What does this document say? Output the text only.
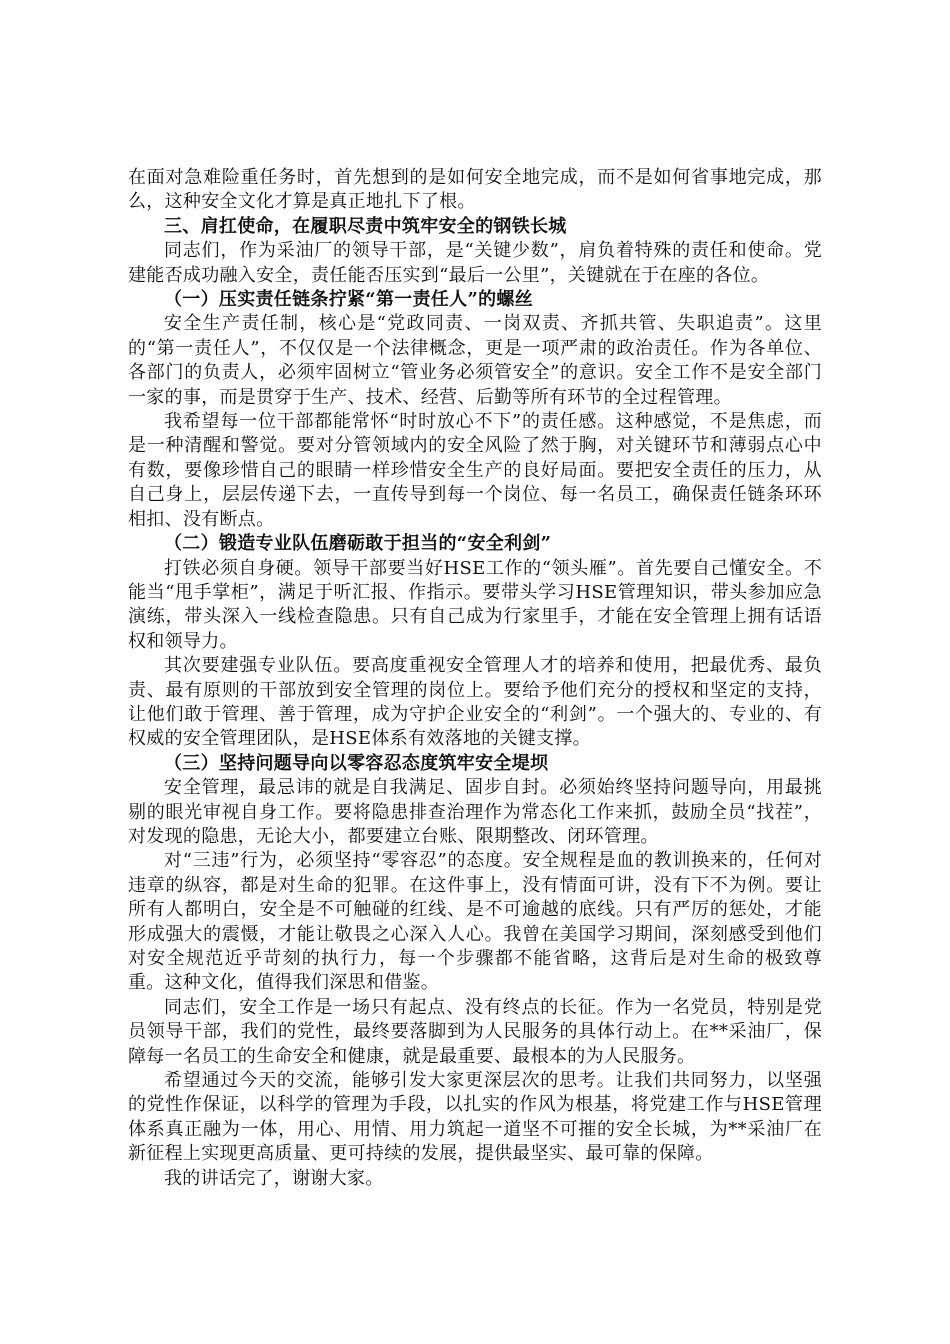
在面对急难险重任务时，首先想到的是如何安全地完成，而不是如何省事地完成，那么，这种安全文化才算是真正地扎下了根。

三、肩扛使命，在履职尽责中筑牢安全的钢铁长城

同志们，作为采油厂的领导干部，是“关键少数”，肩负着特殊的责任和使命。党建能否成功融入安全，责任能否压实到“最后一公里”，关键就在于在座的各位。

（一）压实责任链条拧紧“第一责任人”的螺丝

安全生产责任制，核心是“党政同责、一岗双责、齐抓共管、失职追责”。这里的“第一责任人”，不仅仅是一个法律概念，更是一项严肃的政治责任。作为各单位、各部门的负责人，必须牢固树立“管业务必须管安全”的意识。安全工作不是安全部门一家的事，而是贯穿于生产、技术、经营、后勤等所有环节的全过程管理。

我希望每一位干部都能常怀“时时放心不下”的责任感。这种感觉，不是焦虑，而是一种清醒和警觉。要对分管领域内的安全风险了然于胸，对关键环节和薄弱点心中有数，要像珍惜自己的眼睛一样珍惜安全生产的良好局面。要把安全责任的压力，从自己身上，层层传递下去，一直传导到每一个岗位、每一名员工，确保责任链条环环相扣、没有断点。

（二）锻造专业队伍磨砺敢于担当的“安全利剑”

打铁必须自身硬。领导干部要当好HSE工作的“领头雁”。首先要自己懂安全。不能当“甩手掌柜”，满足于听汇报、作指示。要带头学习HSE管理知识，带头参加应急演练，带头深入一线检查隐患。只有自己成为行家里手，才能在安全管理上拥有话语权和领导力。

其次要建强专业队伍。要高度重视安全管理人才的培养和使用，把最优秀、最负责、最有原则的干部放到安全管理的岗位上。要给予他们充分的授权和坚定的支持，让他们敢于管理、善于管理，成为守护企业安全的“利剑”。一个强大的、专业的、有权威的安全管理团队，是HSE体系有效落地的关键支撑。

（三）坚持问题导向以零容忍态度筑牢安全堤坝

安全管理，最忌讳的就是自我满足、固步自封。必须始终坚持问题导向，用最挑剔的眼光审视自身工作。要将隐患排查治理作为常态化工作来抓，鼓励全员“找茬”，对发现的隐患，无论大小，都要建立台账、限期整改、闭环管理。

对“三违”行为，必须坚持“零容忍”的态度。安全规程是血的教训换来的，任何对违章的纵容，都是对生命的犯罪。在这件事上，没有情面可讲，没有下不为例。要让所有人都明白，安全是不可触碰的红线、是不可逾越的底线。只有严厉的惩处，才能形成强大的震慑，才能让敬畏之心深入人心。我曾在美国学习期间，深刻感受到他们对安全规范近乎苛刻的执行力，每一个步骤都不能省略，这背后是对生命的极致尊重。这种文化，值得我们深思和借鉴。

同志们，安全工作是一场只有起点、没有终点的长征。作为一名党员，特别是党员领导干部，我们的党性，最终要落脚到为人民服务的具体行动上。在**采油厂，保障每一名员工的生命安全和健康，就是最重要、最根本的为人民服务。

希望通过今天的交流，能够引发大家更深层次的思考。让我们共同努力，以坚强的党性作保证，以科学的管理为手段，以扎实的作风为根基，将党建工作与HSE管理体系真正融为一体，用心、用情、用力筑起一道坚不可摧的安全长城，为**采油厂在新征程上实现更高质量、更可持续的发展，提供最坚实、最可靠的保障。

我的讲话完了，谢谢大家。
